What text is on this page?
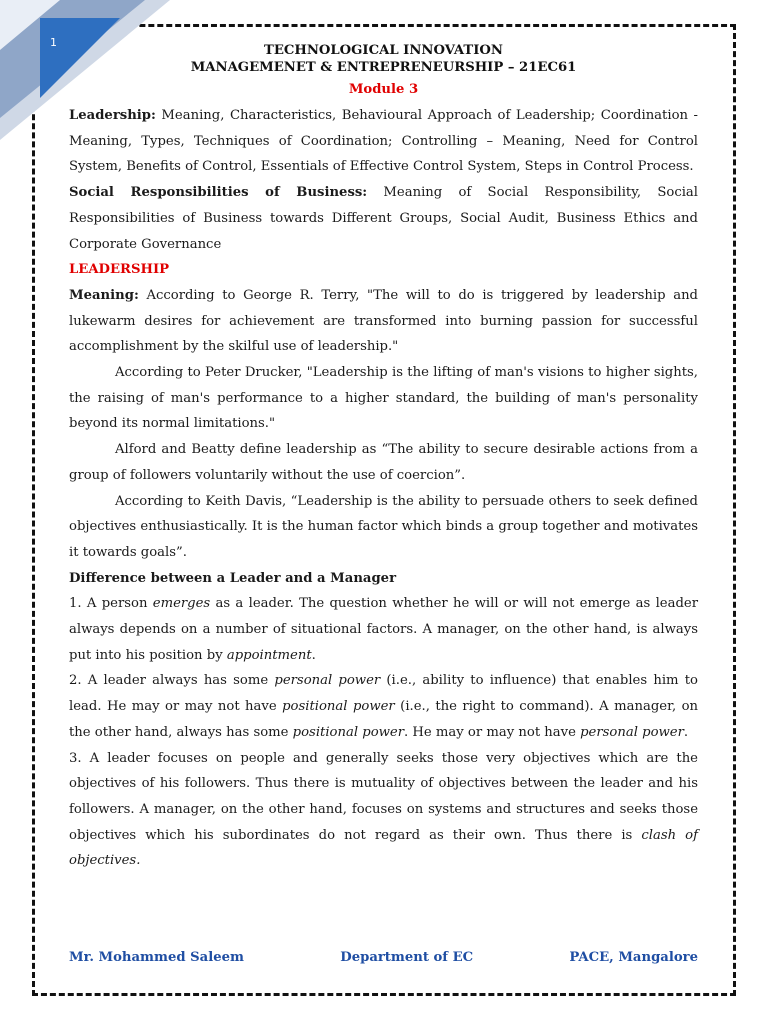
1
TECHNOLOGICAL INNOVATION
MANAGEMENET & ENTREPRENEURSHIP – 21EC61
Module 3

Leadership: Meaning, Characteristics, Behavioural Approach of Leadership; Coordination - Meaning, Types, Techniques of Coordination; Controlling – Meaning, Need for Control System, Benefits of Control, Essentials of Effective Control System, Steps in Control Process.

Social Responsibilities of Business: Meaning of Social Responsibility, Social Responsibilities of Business towards Different Groups, Social Audit, Business Ethics and Corporate Governance

LEADERSHIP

Meaning: According to George R. Terry, "The will to do is triggered by leadership and lukewarm desires for achievement are transformed into burning passion for successful accomplishment by the skilful use of leadership."

According to Peter Drucker, "Leadership is the lifting of man's visions to higher sights, the raising of man's performance to a higher standard, the building of man's personality beyond its normal limitations."

Alford and Beatty define leadership as “The ability to secure desirable actions from a group of followers voluntarily without the use of coercion”.

According to Keith Davis, “Leadership is the ability to persuade others to seek defined objectives enthusiastically. It is the human factor which binds a group together and motivates it towards goals”.

Difference between a Leader and a Manager

1. A person emerges as a leader. The question whether he will or will not emerge as leader always depends on a number of situational factors. A manager, on the other hand, is always put into his position by appointment.

2. A leader always has some personal power (i.e., ability to influence) that enables him to lead. He may or may not have positional power (i.e., the right to command). A manager, on the other hand, always has some positional power. He may or may not have personal power.

3. A leader focuses on people and generally seeks those very objectives which are the objectives of his followers. Thus there is mutuality of objectives between the leader and his followers. A manager, on the other hand, focuses on systems and structures and seeks those objectives which his subordinates do not regard as their own. Thus there is clash of objectives.

Mr. Mohammed Saleem	Department of EC	PACE, Mangalore
